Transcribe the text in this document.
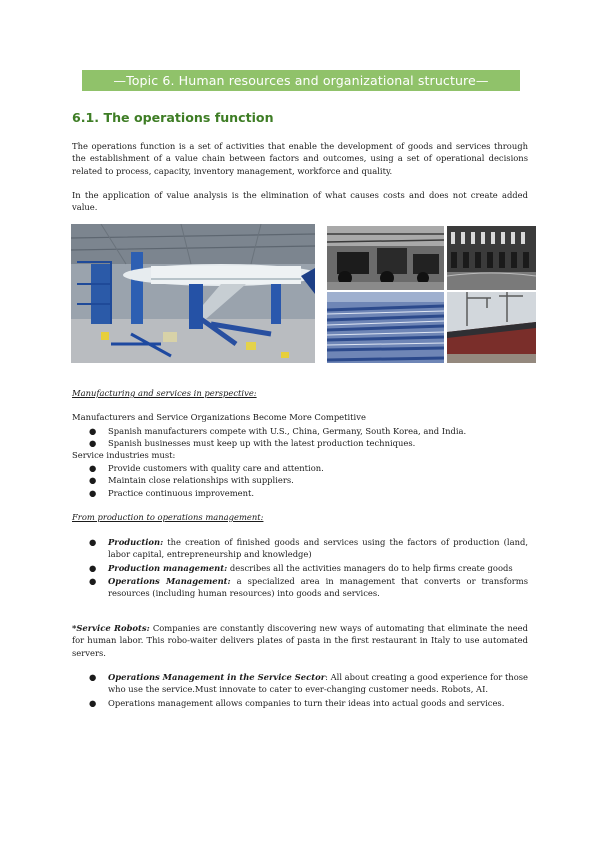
—Topic 6. Human resources and organizational structure—
6.1. The operations function
The operations function is a set of activities that enable the development of goods and services through the establishment of a value chain between factors and outcomes, using a set of operational decisions related to process, capacity, inventory management, workforce and quality.
In the application of value analysis is the elimination of what causes costs and does not create added value.
Manufacturing and services in perspective:
Manufacturers and Service Organizations Become More Competitive
● Spanish manufacturers compete with U.S., China, Germany, South Korea, and India.
● Spanish businesses must keep up with the latest production techniques.
Service industries must:
● Provide customers with quality care and attention.
● Maintain close relationships with suppliers.
● Practice continuous improvement.
From production to operations management:
● Production: the creation of finished goods and services using the factors of production (land, labor capital, entrepreneurship and knowledge)
● Production management: describes all the activities managers do to help firms create goods
● Operations Management: a specialized area in management that converts or transforms resources (including human resources) into goods and services.
*Service Robots: Companies are constantly discovering new ways of automating that eliminate the need for human labor. This robo-waiter delivers plates of pasta in the first restaurant in Italy to use automated servers.
● Operations Management in the Service Sector: All about creating a good experience for those who use the service.Must innovate to cater to ever-changing customer needs. Robots, AI.
● Operations management allows companies to turn their ideas into actual goods and services.
